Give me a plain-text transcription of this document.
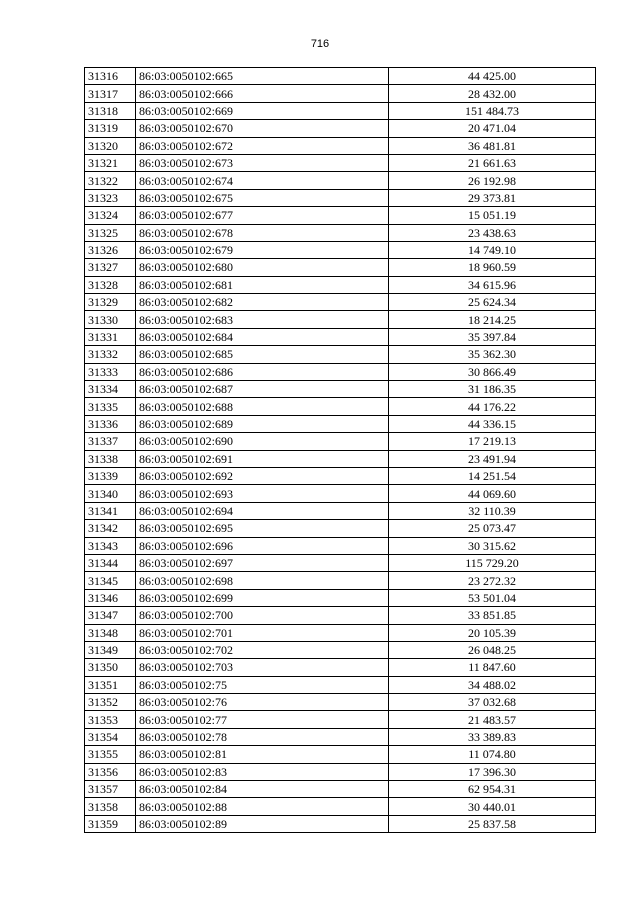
716
31316	86:03:0050102:665	44 425.00
31317	86:03:0050102:666	28 432.00
31318	86:03:0050102:669	151 484.73
31319	86:03:0050102:670	20 471.04
31320	86:03:0050102:672	36 481.81
31321	86:03:0050102:673	21 661.63
31322	86:03:0050102:674	26 192.98
31323	86:03:0050102:675	29 373.81
31324	86:03:0050102:677	15 051.19
31325	86:03:0050102:678	23 438.63
31326	86:03:0050102:679	14 749.10
31327	86:03:0050102:680	18 960.59
31328	86:03:0050102:681	34 615.96
31329	86:03:0050102:682	25 624.34
31330	86:03:0050102:683	18 214.25
31331	86:03:0050102:684	35 397.84
31332	86:03:0050102:685	35 362.30
31333	86:03:0050102:686	30 866.49
31334	86:03:0050102:687	31 186.35
31335	86:03:0050102:688	44 176.22
31336	86:03:0050102:689	44 336.15
31337	86:03:0050102:690	17 219.13
31338	86:03:0050102:691	23 491.94
31339	86:03:0050102:692	14 251.54
31340	86:03:0050102:693	44 069.60
31341	86:03:0050102:694	32 110.39
31342	86:03:0050102:695	25 073.47
31343	86:03:0050102:696	30 315.62
31344	86:03:0050102:697	115 729.20
31345	86:03:0050102:698	23 272.32
31346	86:03:0050102:699	53 501.04
31347	86:03:0050102:700	33 851.85
31348	86:03:0050102:701	20 105.39
31349	86:03:0050102:702	26 048.25
31350	86:03:0050102:703	11 847.60
31351	86:03:0050102:75	34 488.02
31352	86:03:0050102:76	37 032.68
31353	86:03:0050102:77	21 483.57
31354	86:03:0050102:78	33 389.83
31355	86:03:0050102:81	11 074.80
31356	86:03:0050102:83	17 396.30
31357	86:03:0050102:84	62 954.31
31358	86:03:0050102:88	30 440.01
31359	86:03:0050102:89	25 837.58
